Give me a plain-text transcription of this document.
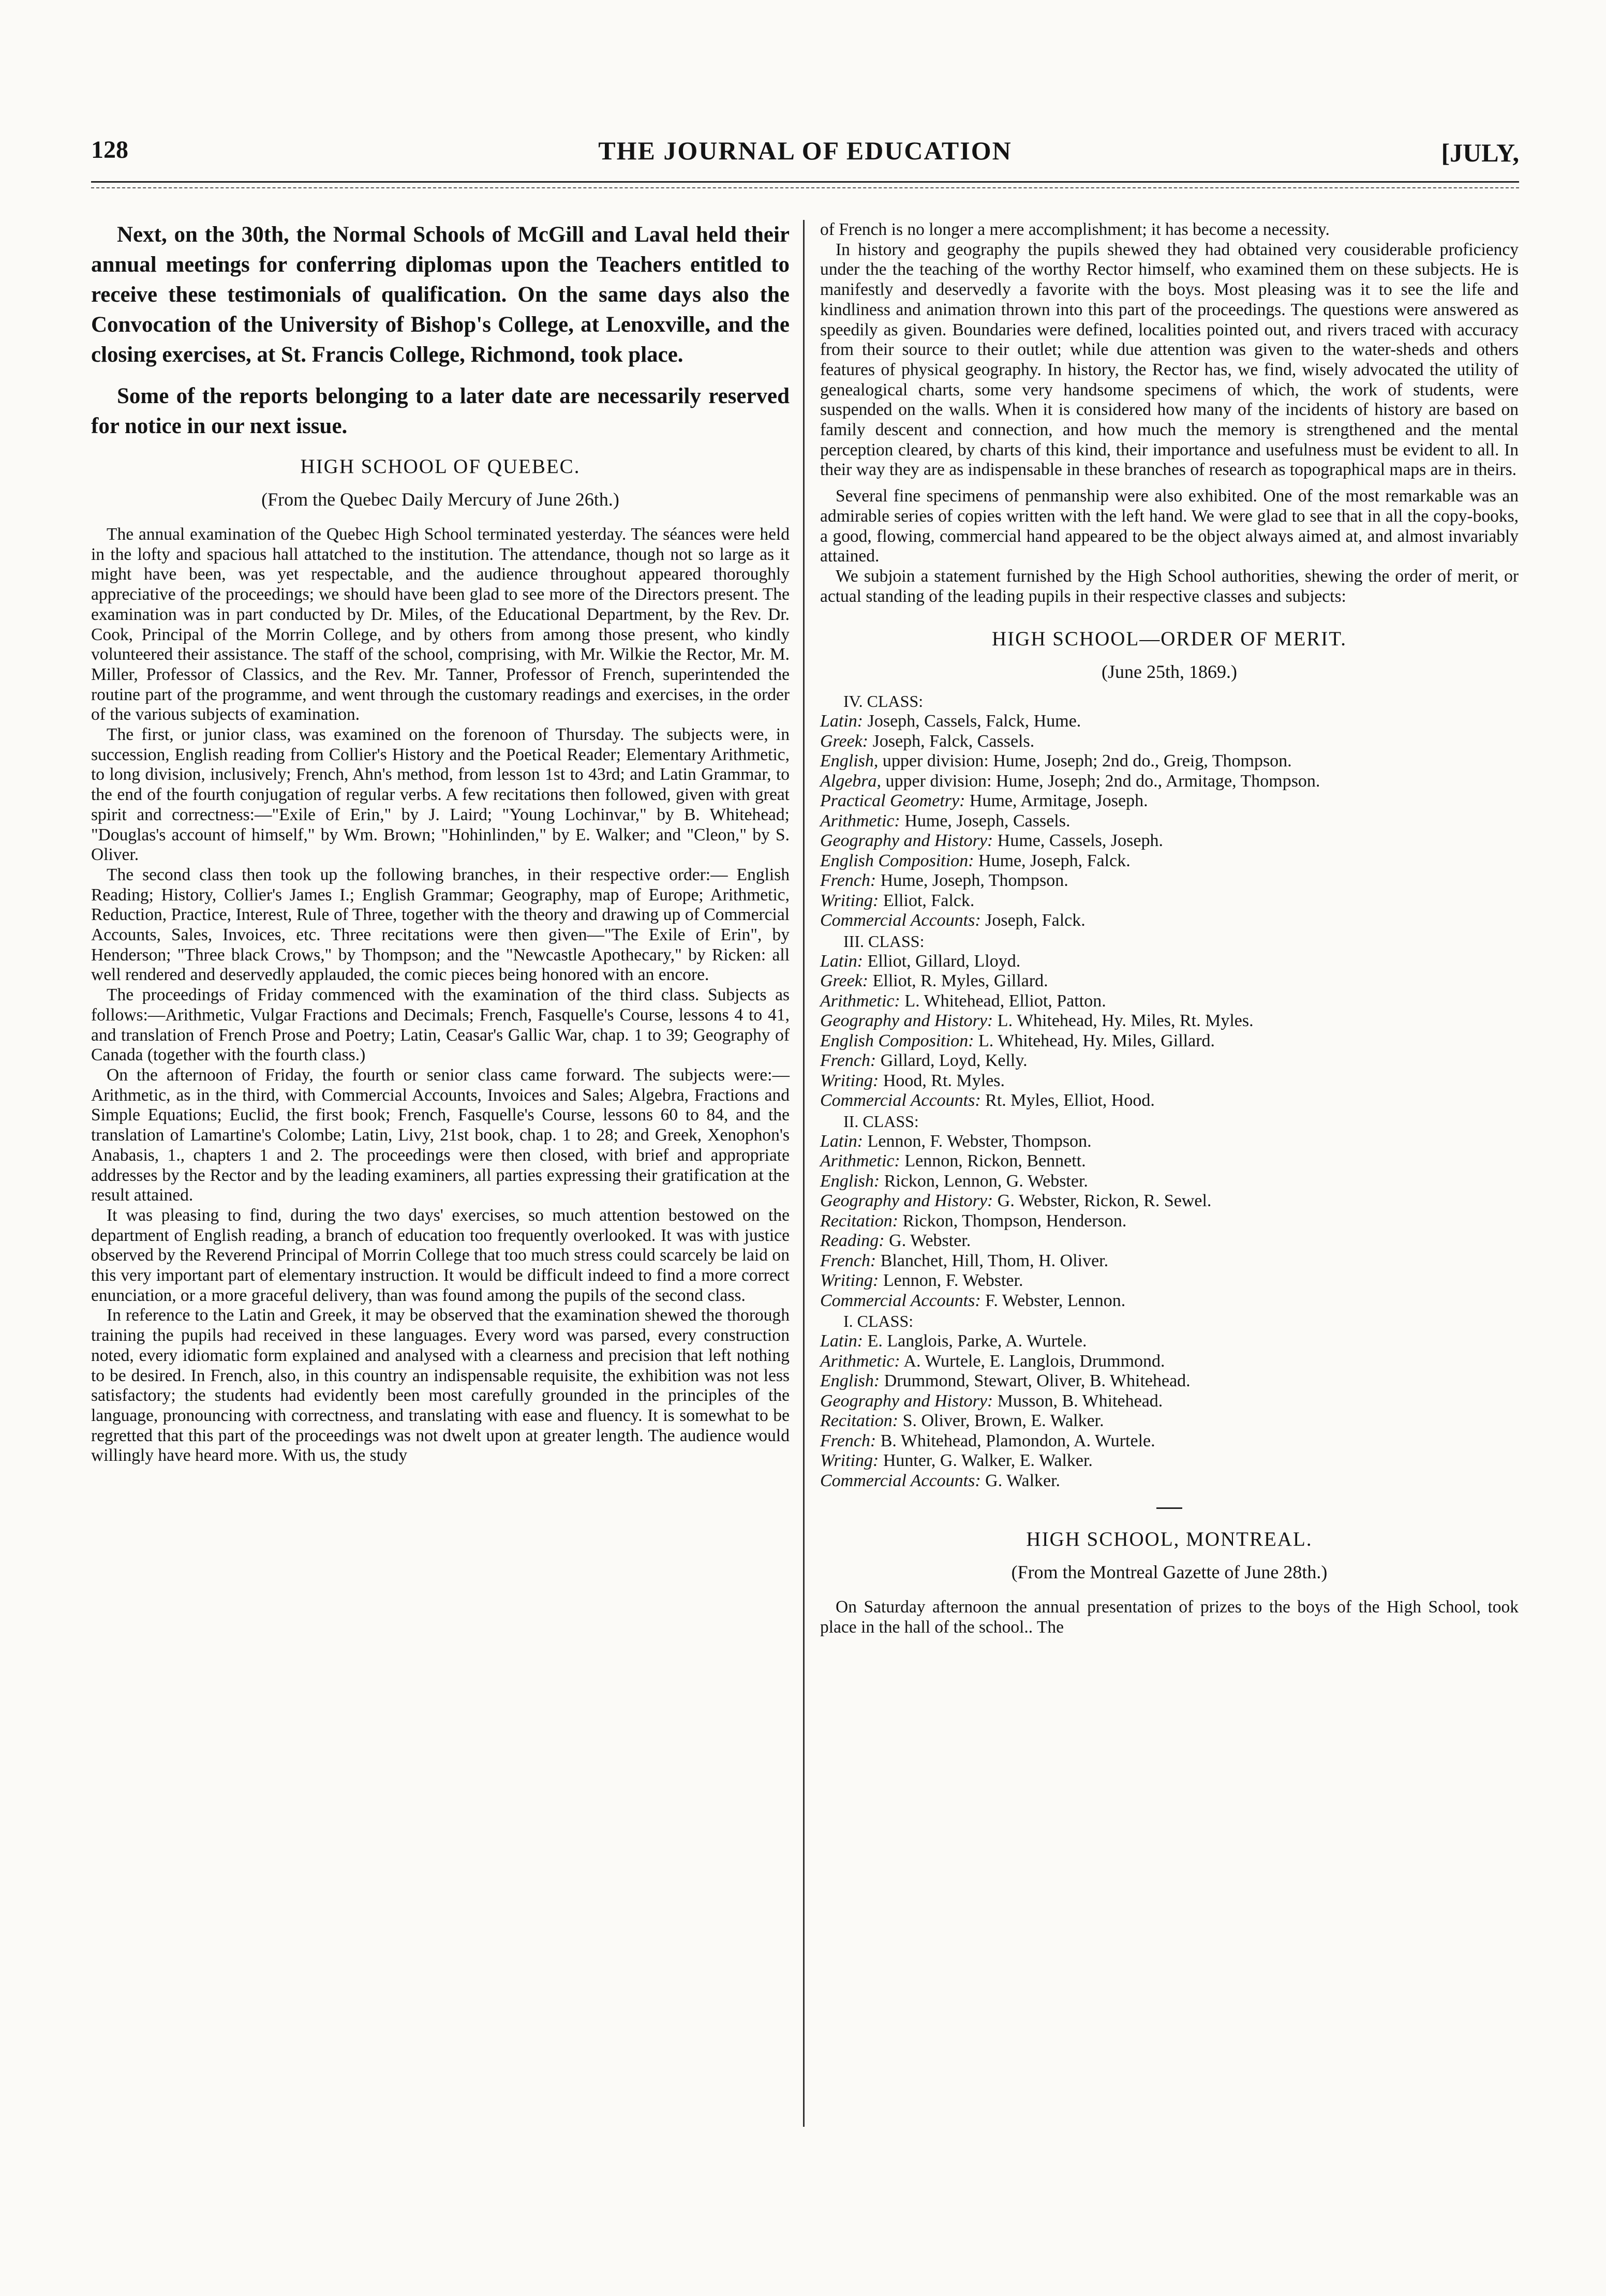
128	THE JOURNAL OF EDUCATION	[JULY,

Next, on the 30th, the Normal Schools of McGill and Laval held their annual meetings for conferring diplomas upon the Teachers entitled to receive these testimonials of qualification. On the same days also the Convocation of the University of Bishop's College, at Lenoxville, and the closing exercises, at St. Francis College, Richmond, took place.

Some of the reports belonging to a later date are necessarily reserved for notice in our next issue.

HIGH SCHOOL OF QUEBEC.
(From the Quebec Daily Mercury of June 26th.)

The annual examination of the Quebec High School terminated yesterday. The séances were held in the lofty and spacious hall attatched to the institution. The attendance, though not so large as it might have been, was yet respectable, and the audience throughout appeared thoroughly appreciative of the proceedings; we should have been glad to see more of the Directors present. The examination was in part conducted by Dr. Miles, of the Educational Department, by the Rev. Dr. Cook, Principal of the Morrin College, and by others from among those present, who kindly volunteered their assistance. The staff of the school, comprising, with Mr. Wilkie the Rector, Mr. M. Miller, Professor of Classics, and the Rev. Mr. Tanner, Professor of French, superintended the routine part of the programme, and went through the customary readings and exercises, in the order of the various subjects of examination.

The first, or junior class, was examined on the forenoon of Thursday. The subjects were, in succession, English reading from Collier's History and the Poetical Reader; Elementary Arithmetic, to long division, inclusively; French, Ahn's method, from lesson 1st to 43rd; and Latin Grammar, to the end of the fourth conjugation of regular verbs. A few recitations then followed, given with great spirit and correctness:—"Exile of Erin," by J. Laird; "Young Lochinvar," by B. Whitehead; "Douglas's account of himself," by Wm. Brown; "Hohinlinden," by E. Walker; and "Cleon," by S. Oliver.

The second class then took up the following branches, in their respective order:— English Reading; History, Collier's James I.; English Grammar; Geography, map of Europe; Arithmetic, Reduction, Practice, Interest, Rule of Three, together with the theory and drawing up of Commercial Accounts, Sales, Invoices, etc. Three recitations were then given—"The Exile of Erin", by Henderson; "Three black Crows," by Thompson; and the "Newcastle Apothecary," by Ricken: all well rendered and deservedly applauded, the comic pieces being honored with an encore.

The proceedings of Friday commenced with the examination of the third class. Subjects as follows:—Arithmetic, Vulgar Fractions and Decimals; French, Fasquelle's Course, lessons 4 to 41, and translation of French Prose and Poetry; Latin, Ceasar's Gallic War, chap. 1 to 39; Geography of Canada (together with the fourth class.)

On the afternoon of Friday, the fourth or senior class came forward. The subjects were:—Arithmetic, as in the third, with Commercial Accounts, Invoices and Sales; Algebra, Fractions and Simple Equations; Euclid, the first book; French, Fasquelle's Course, lessons 60 to 84, and the translation of Lamartine's Colombe; Latin, Livy, 21st book, chap. 1 to 28; and Greek, Xenophon's Anabasis, 1., chapters 1 and 2. The proceedings were then closed, with brief and appropriate addresses by the Rector and by the leading examiners, all parties expressing their gratification at the result attained.

It was pleasing to find, during the two days' exercises, so much attention bestowed on the department of English reading, a branch of education too frequently overlooked. It was with justice observed by the Reverend Principal of Morrin College that too much stress could scarcely be laid on this very important part of elementary instruction. It would be difficult indeed to find a more correct enunciation, or a more graceful delivery, than was found among the pupils of the second class.

In reference to the Latin and Greek, it may be observed that the examination shewed the thorough training the pupils had received in these languages. Every word was parsed, every construction noted, every idiomatic form explained and analysed with a clearness and precision that left nothing to be desired. In French, also, in this country an indispensable requisite, the exhibition was not less satisfactory; the students had evidently been most carefully grounded in the principles of the language, pronouncing with correctness, and translating with ease and fluency. It is somewhat to be regretted that this part of the proceedings was not dwelt upon at greater length. The audience would willingly have heard more. With us, the study

of French is no longer a mere accomplishment; it has become a necessity.

In history and geography the pupils shewed they had obtained very cousiderable proficiency under the the teaching of the worthy Rector himself, who examined them on these subjects. He is manifestly and deservedly a favorite with the boys. Most pleasing was it to see the life and kindliness and animation thrown into this part of the proceedings. The questions were answered as speedily as given. Boundaries were defined, localities pointed out, and rivers traced with accuracy from their source to their outlet; while due attention was given to the water-sheds and others features of physical geography. In history, the Rector has, we find, wisely advocated the utility of genealogical charts, some very handsome specimens of which, the work of students, were suspended on the walls. When it is considered how many of the incidents of history are based on family descent and connection, and how much the memory is strengthened and the mental perception cleared, by charts of this kind, their importance and usefulness must be evident to all. In their way they are as indispensable in these branches of research as topographical maps are in theirs.

Several fine specimens of penmanship were also exhibited. One of the most remarkable was an admirable series of copies written with the left hand. We were glad to see that in all the copy-books, a good, flowing, commercial hand appeared to be the object always aimed at, and almost invariably attained.

We subjoin a statement furnished by the High School authorities, shewing the order of merit, or actual standing of the leading pupils in their respective classes and subjects:

HIGH SCHOOL—ORDER OF MERIT.
(June 25th, 1869.)
IV. CLASS:
Latin: Joseph, Cassels, Falck, Hume.
Greek: Joseph, Falck, Cassels.
English, upper division: Hume, Joseph; 2nd do., Greig, Thompson.
Algebra, upper division: Hume, Joseph; 2nd do., Armitage, Thompson.
Practical Geometry: Hume, Armitage, Joseph.
Arithmetic: Hume, Joseph, Cassels.
Geography and History: Hume, Cassels, Joseph.
English Composition: Hume, Joseph, Falck.
French: Hume, Joseph, Thompson.
Writing: Elliot, Falck.
Commercial Accounts: Joseph, Falck.
III. CLASS:
Latin: Elliot, Gillard, Lloyd.
Greek: Elliot, R. Myles, Gillard.
Arithmetic: L. Whitehead, Elliot, Patton.
Geography and History: L. Whitehead, Hy. Miles, Rt. Myles.
English Composition: L. Whitehead, Hy. Miles, Gillard.
French: Gillard, Loyd, Kelly.
Writing: Hood, Rt. Myles.
Commercial Accounts: Rt. Myles, Elliot, Hood.
II. CLASS:
Latin: Lennon, F. Webster, Thompson.
Arithmetic: Lennon, Rickon, Bennett.
English: Rickon, Lennon, G. Webster.
Geography and History: G. Webster, Rickon, R. Sewel.
Recitation: Rickon, Thompson, Henderson.
Reading: G. Webster.
French: Blanchet, Hill, Thom, H. Oliver.
Writing: Lennon, F. Webster.
Commercial Accounts: F. Webster, Lennon.
I. CLASS:
Latin: E. Langlois, Parke, A. Wurtele.
Arithmetic: A. Wurtele, E. Langlois, Drummond.
English: Drummond, Stewart, Oliver, B. Whitehead.
Geography and History: Musson, B. Whitehead.
Recitation: S. Oliver, Brown, E. Walker.
French: B. Whitehead, Plamondon, A. Wurtele.
Writing: Hunter, G. Walker, E. Walker.
Commercial Accounts: G. Walker.
HIGH SCHOOL, MONTREAL.
(From the Montreal Gazette of June 28th.)

On Saturday afternoon the annual presentation of prizes to the boys of the High School, took place in the hall of the school.. The
